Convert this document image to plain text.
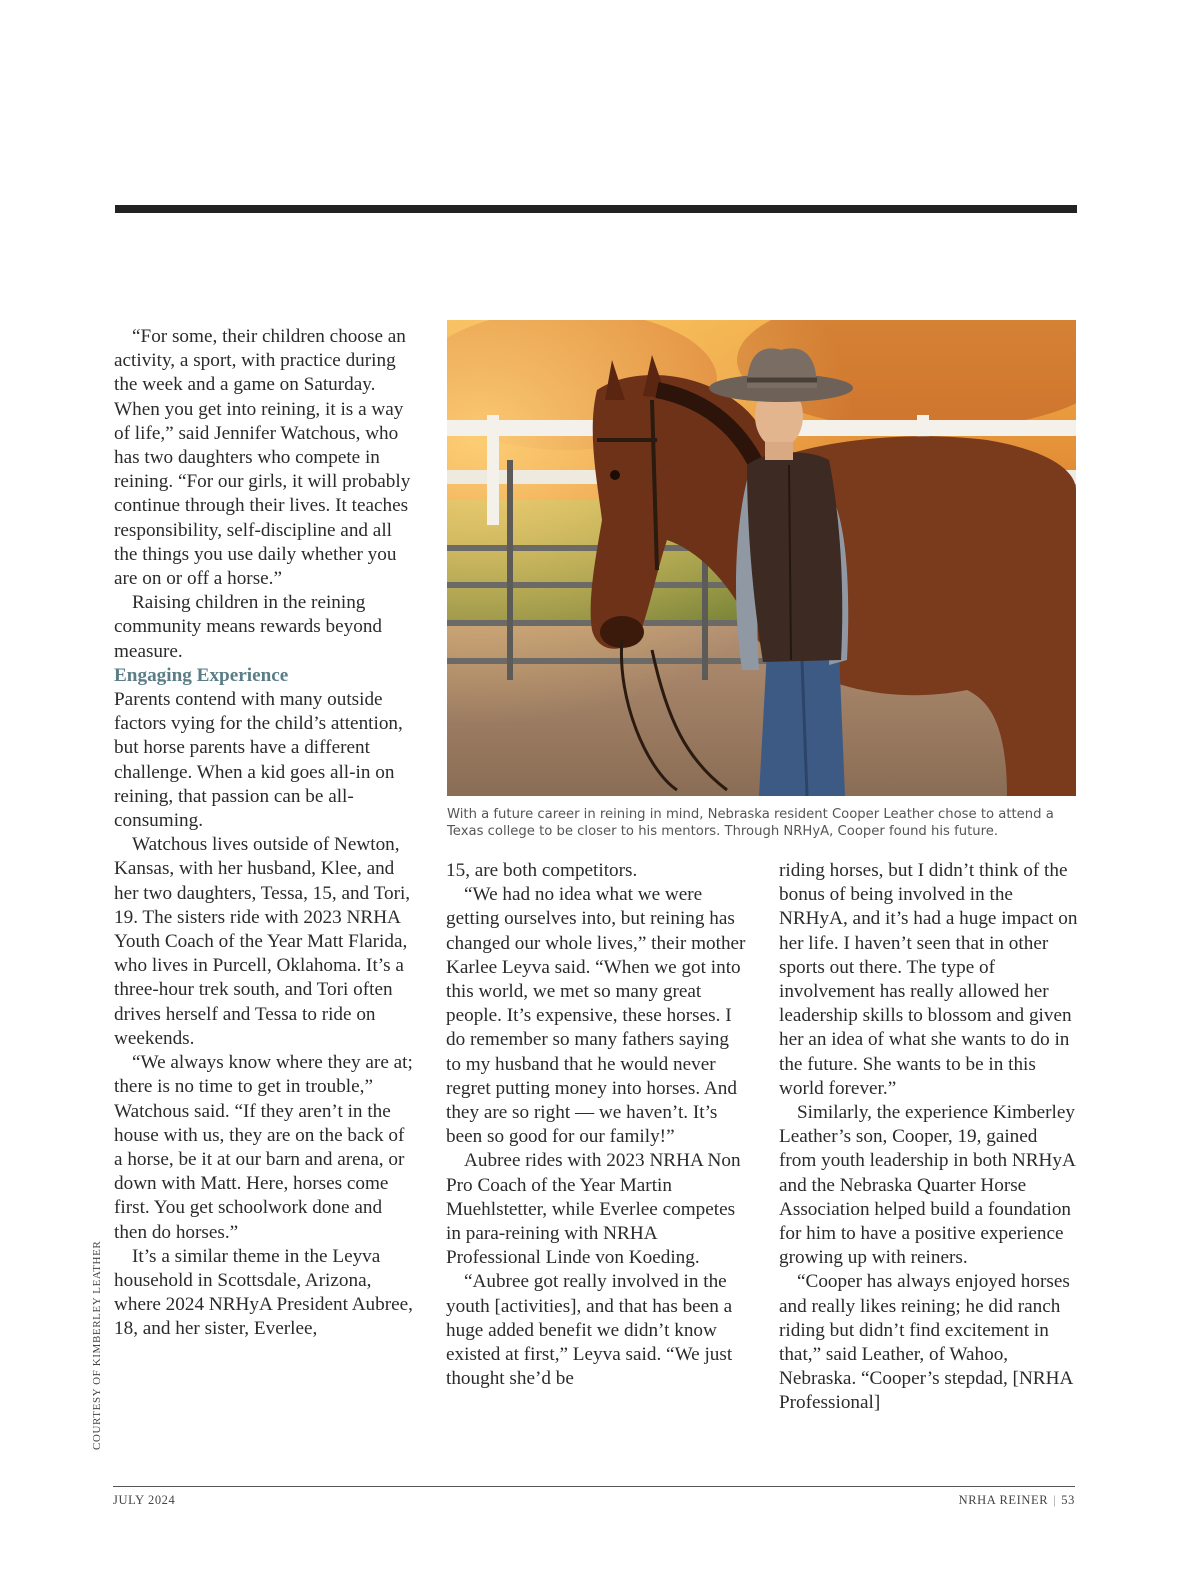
“For some, their children choose an activity, a sport, with practice during the week and a game on Saturday. When you get into reining, it is a way of life,” said Jennifer Watchous, who has two daughters who compete in reining. “For our girls, it will probably continue through their lives. It teaches responsibility, self-discipline and all the things you use daily whether you are on or off a horse.”

Raising children in the reining community means rewards beyond measure.

Engaging Experience

Parents contend with many outside factors vying for the child’s attention, but horse parents have a different challenge. When a kid goes all-in on reining, that passion can be all-consuming.

Watchous lives outside of Newton, Kansas, with her husband, Klee, and her two daughters, Tessa, 15, and Tori, 19. The sisters ride with 2023 NRHA Youth Coach of the Year Matt Flarida, who lives in Purcell, Oklahoma. It’s a three-hour trek south, and Tori often drives herself and Tessa to ride on weekends.

“We always know where they are at; there is no time to get in trouble,” Watchous said. “If they aren’t in the house with us, they are on the back of a horse, be it at our barn and arena, or down with Matt. Here, horses come first. You get schoolwork done and then do horses.”

It’s a similar theme in the Leyva household in Scottsdale, Arizona, where 2024 NRHyA President Aubree, 18, and her sister, Everlee,

With a future career in reining in mind, Nebraska resident Cooper Leather chose to attend a Texas college to be closer to his mentors. Through NRHyA, Cooper found his future.
COURTESY OF KIMBERLEY LEATHER

15, are both competitors.

“We had no idea what we were getting ourselves into, but reining has changed our whole lives,” their mother Karlee Leyva said. “When we got into this world, we met so many great people. It’s expensive, these horses. I do remember so many fathers saying to my husband that he would never regret putting money into horses. And they are so right — we haven’t. It’s been so good for our family!”

Aubree rides with 2023 NRHA Non Pro Coach of the Year Martin Muehlstetter, while Everlee competes in para-reining with NRHA Professional Linde von Koeding.

“Aubree got really involved in the youth [activities], and that has been a huge added benefit we didn’t know existed at first,” Leyva said. “We just thought she’d be

riding horses, but I didn’t think of the bonus of being involved in the NRHyA, and it’s had a huge impact on her life. I haven’t seen that in other sports out there. The type of involvement has really allowed her leadership skills to blossom and given her an idea of what she wants to do in the future. She wants to be in this world forever.”

Similarly, the experience Kimberley Leather’s son, Cooper, 19, gained from youth leadership in both NRHyA and the Nebraska Quarter Horse Association helped build a foundation for him to have a positive experience growing up with reiners.

“Cooper has always enjoyed horses and really likes reining; he did ranch riding but didn’t find excitement in that,” said Leather, of Wahoo, Nebraska. “Cooper’s stepdad, [NRHA Professional]

JULY 2024	NRHA REINER | 53
